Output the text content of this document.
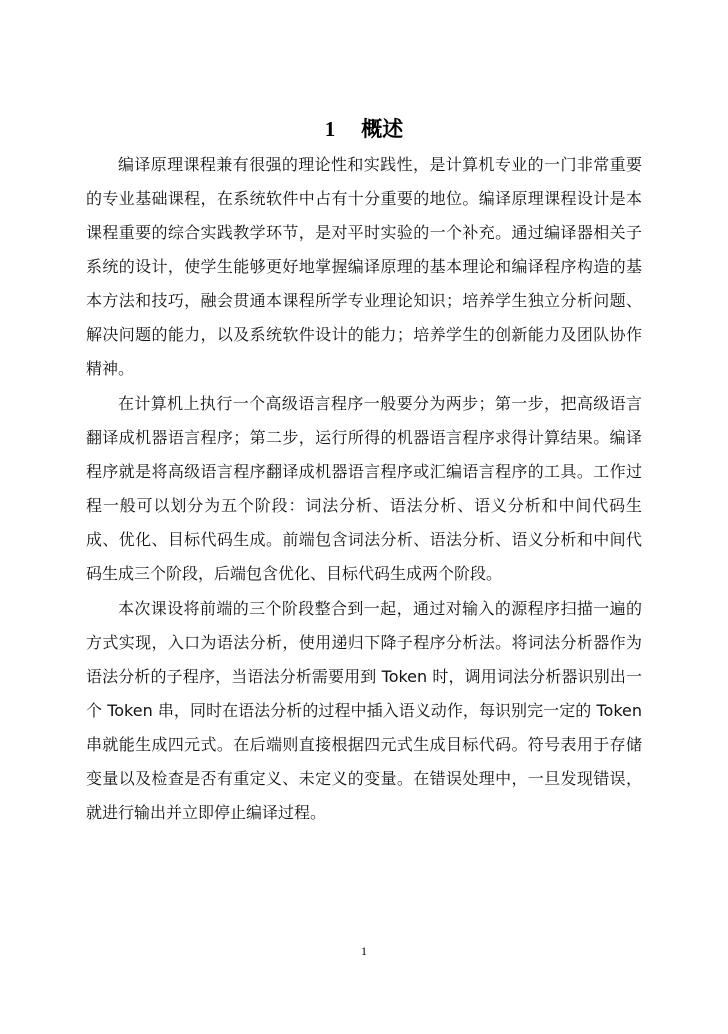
1 概述

编译原理课程兼有很强的理论性和实践性，是计算机专业的一门非常重要的专业基础课程，在系统软件中占有十分重要的地位。编译原理课程设计是本课程重要的综合实践教学环节，是对平时实验的一个补充。通过编译器相关子系统的设计，使学生能够更好地掌握编译原理的基本理论和编译程序构造的基本方法和技巧，融会贯通本课程所学专业理论知识；培养学生独立分析问题、解决问题的能力，以及系统软件设计的能力；培养学生的创新能力及团队协作精神。

在计算机上执行一个高级语言程序一般要分为两步；第一步，把高级语言翻译成机器语言程序；第二步，运行所得的机器语言程序求得计算结果。编译程序就是将高级语言程序翻译成机器语言程序或汇编语言程序的工具。工作过程一般可以划分为五个阶段：词法分析、语法分析、语义分析和中间代码生成、优化、目标代码生成。前端包含词法分析、语法分析、语义分析和中间代码生成三个阶段，后端包含优化、目标代码生成两个阶段。

本次课设将前端的三个阶段整合到一起，通过对输入的源程序扫描一遍的方式实现，入口为语法分析，使用递归下降子程序分析法。将词法分析器作为语法分析的子程序，当语法分析需要用到 Token 时，调用词法分析器识别出一个 Token 串，同时在语法分析的过程中插入语义动作，每识别完一定的 Token 串就能生成四元式。在后端则直接根据四元式生成目标代码。符号表用于存储变量以及检查是否有重定义、未定义的变量。在错误处理中，一旦发现错误，就进行输出并立即停止编译过程。

1
